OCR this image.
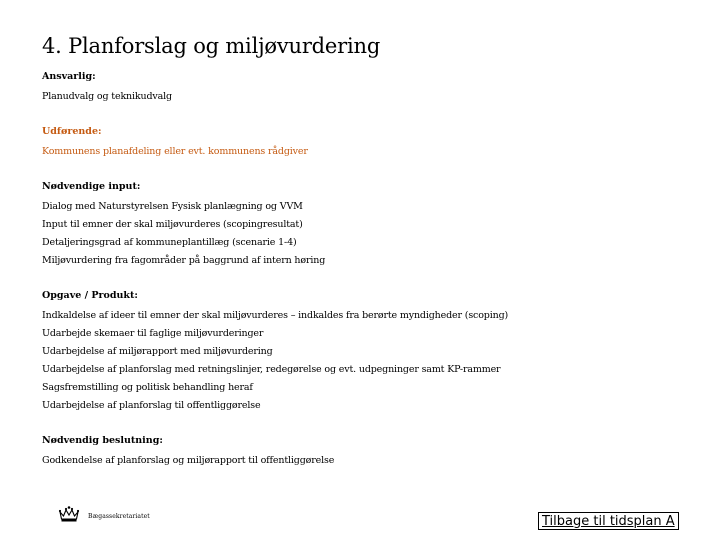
4. Planforslag og miljøvurdering
Ansvarlig:
Planudvalg og teknikudvalg
Udførende:
Kommunens planafdeling eller evt. kommunens rådgiver
Nødvendige input:
Dialog med Naturstyrelsen Fysisk planlægning og VVM
Input til emner der skal miljøvurderes (scopingresultat)
Detaljeringsgrad af kommuneplantillæg (scenarie 1-4)
Miljøvurdering fra fagområder på baggrund af intern høring
Opgave / Produkt:
Indkaldelse af ideer til emner der skal miljøvurderes – indkaldes fra berørte myndigheder (scoping)
Udarbejde skemaer til faglige miljøvurderinger
Udarbejdelse af miljørapport med miljøvurdering
Udarbejdelse af planforslag med retningslinjer, redegørelse og evt. udpegninger samt KP-rammer
Sagsfremstilling og politisk behandling heraf
Udarbejdelse af planforslag til offentliggørelse
Nødvendig beslutning:
Godkendelse af planforslag og miljørapport til offentliggørelse
Bægassekretariatet	Tilbage til tidsplan A
